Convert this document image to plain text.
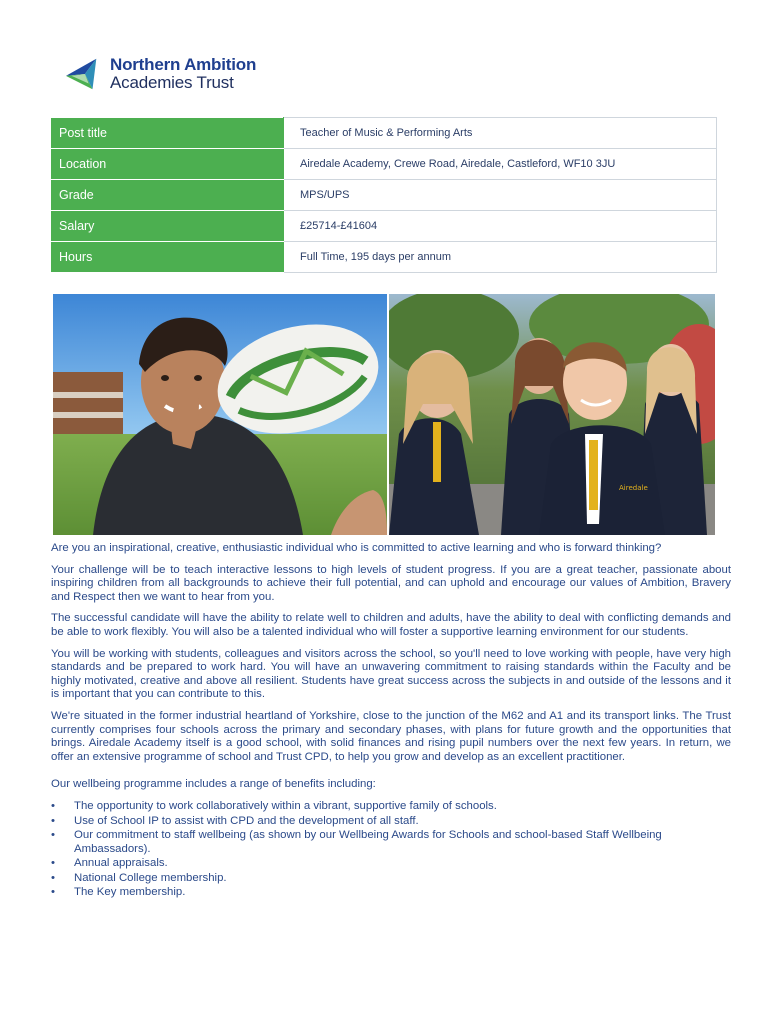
Northern Ambition
Academies Trust
Post title	Teacher of Music & Performing Arts
Location	Airedale Academy, Crewe Road, Airedale, Castleford, WF10 3JU
Grade	MPS/UPS
Salary	£25714-£41604
Hours	Full Time, 195 days per annum
Airedale

Are you an inspirational, creative, enthusiastic individual who is committed to active learning and who is forward thinking?

Your challenge will be to teach interactive lessons to high levels of student progress. If you are a great teacher, passionate about inspiring children from all backgrounds to achieve their full potential, and can uphold and encourage our values of Ambition, Bravery and Respect then we want to hear from you.

The successful candidate will have the ability to relate well to children and adults, have the ability to deal with conflicting demands and be able to work flexibly. You will also be a talented individual who will foster a supportive learning environment for our students.

You will be working with students, colleagues and visitors across the school, so you'll need to love working with people, have very high standards and be prepared to work hard. You will have an unwavering commitment to raising standards within the Faculty and be highly motivated, creative and above all resilient. Students have great success across the subjects in and outside of the lessons and it is important that you can contribute to this.

We're situated in the former industrial heartland of Yorkshire, close to the junction of the M62 and A1 and its transport links. The Trust currently comprises four schools across the primary and secondary phases, with plans for future growth and the opportunities that brings. Airedale Academy itself is a good school, with solid finances and rising pupil numbers over the next few years. In return, we offer an extensive programme of school and Trust CPD, to help you grow and develop as an excellent practitioner.

Our wellbeing programme includes a range of benefits including:

• The opportunity to work collaboratively within a vibrant, supportive family of schools.
• Use of School IP to assist with CPD and the development of all staff.
• Our commitment to staff wellbeing (as shown by our Wellbeing Awards for Schools and school-based Staff Wellbeing Ambassadors).
• Annual appraisals.
• National College membership.
• The Key membership.
